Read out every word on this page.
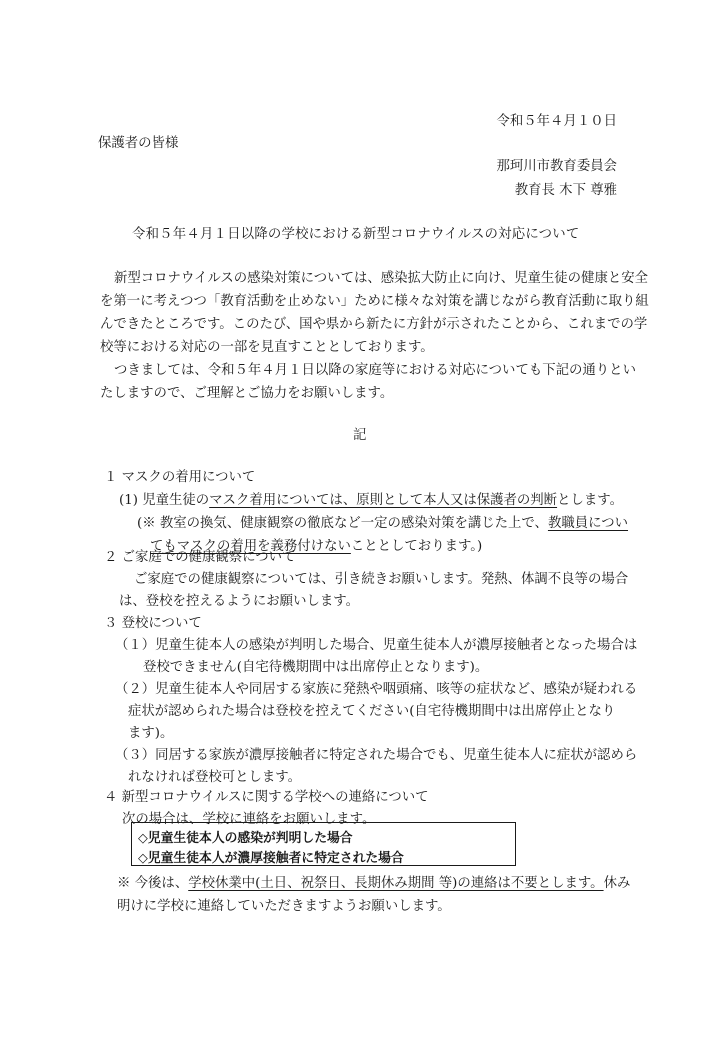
令和５年４月１０日
保護者の皆様
那珂川市教育委員会
教育長 木下 尊雅
令和５年４月１日以降の学校における新型コロナウイルスの対応について
新型コロナウイルスの感染対策については、感染拡大防止に向け、児童生徒の健康と安全
を第一に考えつつ「教育活動を止めない」ために様々な対策を講じながら教育活動に取り組
んできたところです。このたび、国や県から新たに方針が示されたことから、これまでの学
校等における対応の一部を見直すこととしております。
つきましては、令和５年４月１日以降の家庭等における対応についても下記の通りとい
たしますので、ご理解とご協力をお願いします。
記
１ マスクの着用について
(1) 児童生徒のマスク着用については、原則として本人又は保護者の判断とします。
(※ 教室の換気、健康観察の徹底など一定の感染対策を講じた上で、教職員につい
てもマスクの着用を義務付けないこととしております。)
２ ご家庭での健康観察について
ご家庭での健康観察については、引き続きお願いします。発熱、体調不良等の場合
は、登校を控えるようにお願いします。
３ 登校について
（１）児童生徒本人の感染が判明した場合、児童生徒本人が濃厚接触者となった場合は
登校できません(自宅待機期間中は出席停止となります)。
（２）児童生徒本人や同居する家族に発熱や咽頭痛、咳等の症状など、感染が疑われる
症状が認められた場合は登校を控えてください(自宅待機期間中は出席停止となり
ます)。
（３）同居する家族が濃厚接触者に特定された場合でも、児童生徒本人に症状が認めら
れなければ登校可とします。
４ 新型コロナウイルスに関する学校への連絡について
◇児童生徒本人の感染が判明した場合
◇児童生徒本人が濃厚接触者に特定された場合
※ 今後は、学校休業中(土日、祝祭日、長期休み期間 等)の連絡は不要とします。休み
明けに学校に連絡していただきますようお願いします。
次の場合は、学校に連絡をお願いします。
